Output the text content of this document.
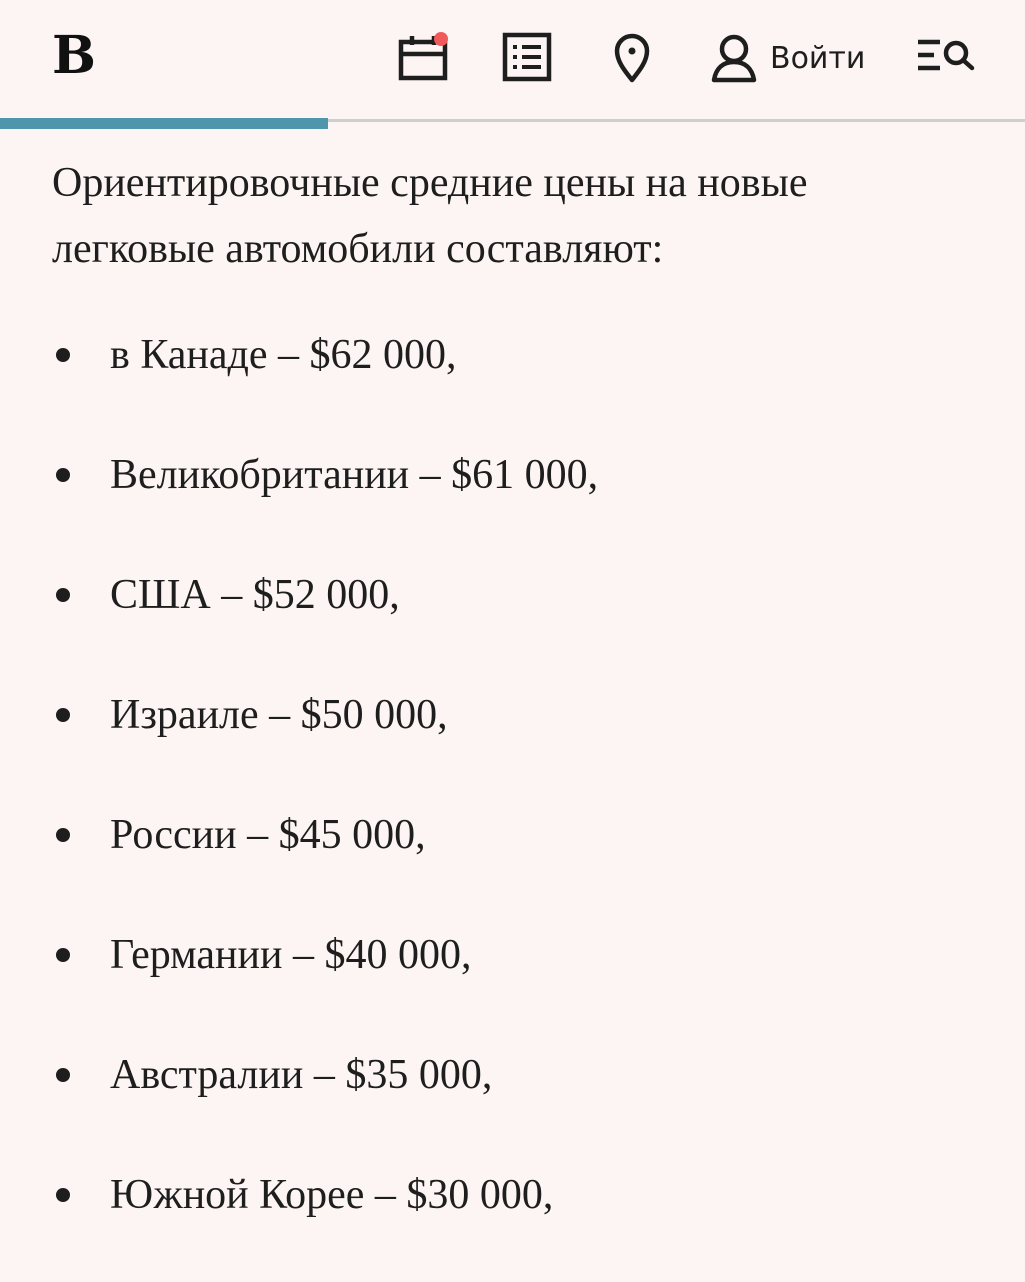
В	Войти

Ориентировочные средние цены на новые легковые автомобили составляют:

в Канаде – $62 000,
Великобритании – $61 000,
США – $52 000,
Израиле – $50 000,
России – $45 000,
Германии – $40 000,
Австралии – $35 000,
Южной Корее – $30 000,
